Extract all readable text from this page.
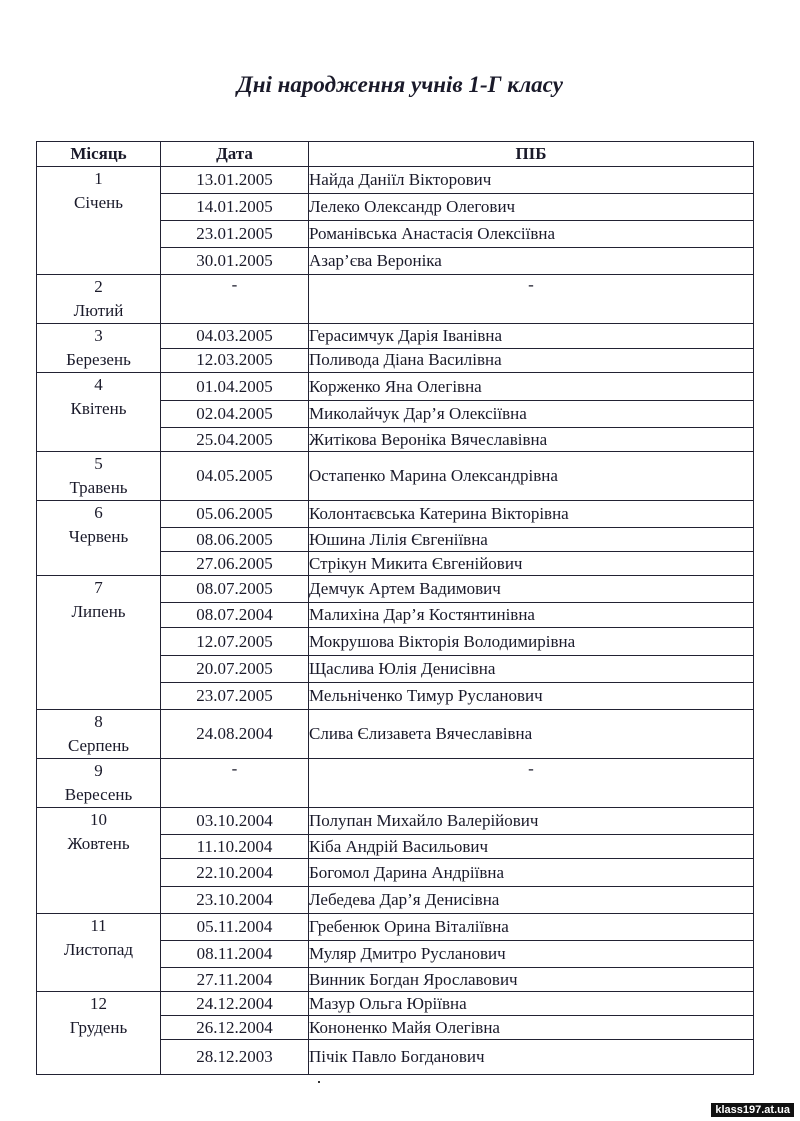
Дні народження учнів 1-Г класу
Місяць	Дата	ПІБ

1
Січень	13.01.2005	Найда Даніїл Вікторович
	14.01.2005	Лелеко Олександр Олегович
	23.01.2005	Романівська Анастасія Олексіївна
	30.01.2005	Азар’єва Вероніка

2
Лютий	-	-

3
Березень	04.03.2005	Герасимчук Дарія Іванівна
	12.03.2005	Поливода Діана Василівна

4
Квітень	01.04.2005	Корженко Яна Олегівна
	02.04.2005	Миколайчук Дар’я Олексіївна
	25.04.2005	Житікова Вероніка Вячеславівна

5
Травень	04.05.2005	Остапенко Марина Олександрівна

6
Червень	05.06.2005	Колонтаєвська Катерина Вікторівна
	08.06.2005	Юшина Лілія Євгеніївна
	27.06.2005	Стрікун Микита Євгенійович

7
Липень	08.07.2005	Демчук Артем Вадимович
	08.07.2004	Малихіна Дар’я Костянтинівна
	12.07.2005	Мокрушова Вікторія Володимирівна
	20.07.2005	Щаслива Юлія Денисівна
	23.07.2005	Мельніченко Тимур Русланович

8
Серпень	24.08.2004	Слива Єлизавета Вячеславівна

9
Вересень	-	-

10
Жовтень	03.10.2004	Полупан Михайло Валерійович
	11.10.2004	Кіба Андрій Васильович
	22.10.2004	Богомол Дарина Андріївна
	23.10.2004	Лебедева Дар’я Денисівна

11
Листопад	05.11.2004	Гребенюк Орина Віталіївна
	08.11.2004	Муляр Дмитро Русланович
	27.11.2004	Винник Богдан Ярославович

12
Грудень	24.12.2004	Мазур Ольга Юріївна
	26.12.2004	Кононенко Майя Олегівна
	28.12.2003	Пічік Павло Богданович
klass197.at.ua
